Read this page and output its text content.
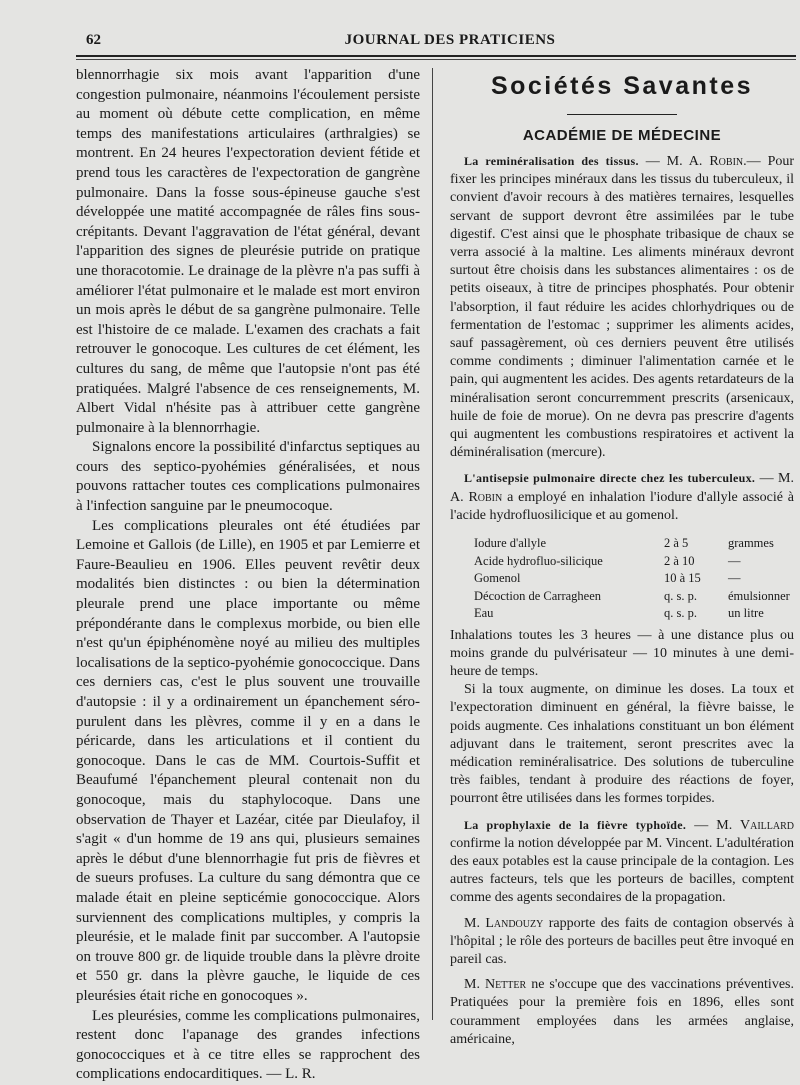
62	JOURNAL DES PRATICIENS

blennorrhagie six mois avant l'apparition d'une congestion pulmonaire, néanmoins l'écoulement persiste au moment où débute cette complication, en même temps des manifestations articulaires (arthralgies) se montrent. En 24 heures l'expectoration devient fétide et prend tous les caractères de l'expectoration de gangrène pulmonaire. Dans la fosse sous-épineuse gauche s'est développée une matité accompagnée de râles fins sous-crépitants. Devant l'aggravation de l'état général, devant l'apparition des signes de pleurésie putride on pratique une thoracotomie. Le drainage de la plèvre n'a pas suffi à améliorer l'état pulmonaire et le malade est mort environ un mois après le début de sa gangrène pulmonaire. Telle est l'histoire de ce malade. L'examen des crachats a fait retrouver le gonocoque. Les cultures de cet élément, les cultures du sang, de même que l'autopsie n'ont pas été pratiquées. Malgré l'absence de ces renseignements, M. Albert Vidal n'hésite pas à attribuer cette gangrène pulmonaire à la blennorrhagie.

Signalons encore la possibilité d'infarctus septiques au cours des septico-pyohémies généralisées, et nous pouvons rattacher toutes ces complications pulmonaires à l'infection sanguine par le pneumocoque.

Les complications pleurales ont été étudiées par Lemoine et Gallois (de Lille), en 1905 et par Lemierre et Faure-Beaulieu en 1906. Elles peuvent revêtir deux modalités bien distinctes : ou bien la détermination pleurale prend une place importante ou même prépondérante dans le complexus morbide, ou bien elle n'est qu'un épiphénomène noyé au milieu des multiples localisations de la septico-pyohémie gonococcique. Dans ces derniers cas, c'est le plus souvent une trouvaille d'autopsie : il y a ordinairement un épanchement séro-purulent dans les plèvres, comme il y en a dans le péricarde, dans les articulations et il contient du gonocoque. Dans le cas de MM. Courtois-Suffit et Beaufumé l'épanchement pleural contenait non du gonocoque, mais du staphylocoque. Dans une observation de Thayer et Lazéar, citée par Dieulafoy, il s'agit « d'un homme de 19 ans qui, plusieurs semaines après le début d'une blennorrhagie fut pris de fièvres et de sueurs profuses. La culture du sang démontra que ce malade était en pleine septicémie gonococcique. Alors surviennent des complications multiples, y compris la pleurésie, et le malade finit par succomber. A l'autopsie on trouve 800 gr. de liquide trouble dans la plèvre droite et 550 gr. dans la plèvre gauche, le liquide de ces pleurésies était riche en gonocoques ».

Les pleurésies, comme les complications pulmonaires, restent donc l'apanage des grandes infections gonococciques et à ce titre elles se rapprochent des complications endocarditiques. — L. R.

Sociétés Savantes
ACADÉMIE DE MÉDECINE

La reminéralisation des tissus. — M. A. Robin.— Pour fixer les principes minéraux dans les tissus du tuberculeux, il convient d'avoir recours à des matières ternaires, lesquelles servant de support devront être assimilées par le tube digestif. C'est ainsi que le phosphate tribasique de chaux se verra associé à la maltine. Les aliments minéraux devront surtout être choisis dans les substances alimentaires : os de petits oiseaux, à titre de principes phosphatés. Pour obtenir l'absorption, il faut réduire les acides chlorhydriques ou de fermentation de l'estomac ; supprimer les aliments acides, sauf passagèrement, où ces derniers peuvent être utilisés comme condiments ; diminuer l'alimentation carnée et le pain, qui augmentent les acides. Des agents retardateurs de la minéralisation seront concurremment prescrits (arsenicaux, huile de foie de morue). On ne devra pas prescrire d'agents qui augmentent les combustions respiratoires et activent la déminéralisation (mercure).

L'antisepsie pulmonaire directe chez les tuberculeux. — M. A. Robin a employé en inhalation l'iodure d'allyle associé à l'acide hydrofluosilicique et au gomenol.

Iodure d'allyle	2 à 5	grammes
Acide hydrofluo-silicique	2 à 10	—
Gomenol	10 à 15	—
Décoction de Carragheen	q. s. p.	émulsionner
Eau	q. s. p.	un litre

Inhalations toutes les 3 heures — à une distance plus ou moins grande du pulvérisateur — 10 minutes à une demi-heure de temps.

Si la toux augmente, on diminue les doses. La toux et l'expectoration diminuent en général, la fièvre baisse, le poids augmente. Ces inhalations constituant un bon élément adjuvant dans le traitement, seront prescrites avec la médication reminéralisatrice. Des solutions de tuberculine très faibles, tendant à produire des réactions de foyer, pourront être utilisées dans les formes torpides.

La prophylaxie de la fièvre typhoïde. — M. Vaillard confirme la notion développée par M. Vincent. L'adultération des eaux potables est la cause principale de la contagion. Les autres facteurs, tels que les porteurs de bacilles, comptent comme des agents secondaires de la propagation.

M. Landouzy rapporte des faits de contagion observés à l'hôpital ; le rôle des porteurs de bacilles peut être invoqué en pareil cas.

M. Netter ne s'occupe que des vaccinations préventives. Pratiquées pour la première fois en 1896, elles sont couramment employées dans les armées anglaise, américaine,
